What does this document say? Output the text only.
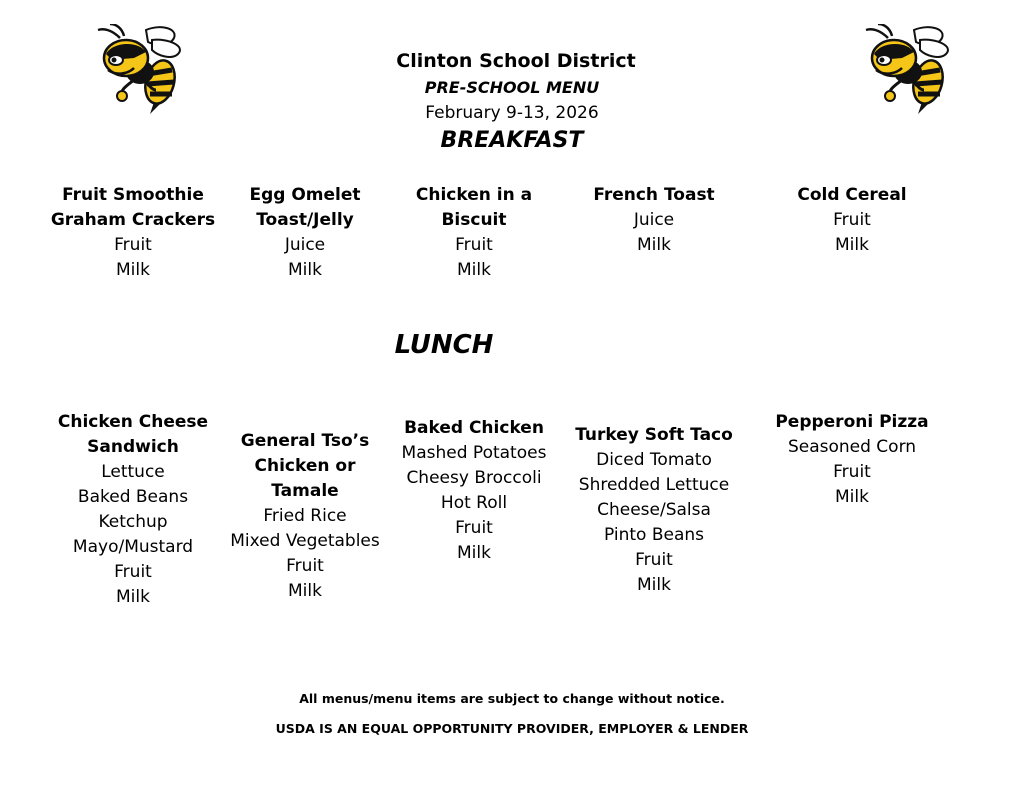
Clinton School District
PRE-SCHOOL MENU
February 9-13, 2026
BREAKFAST
Fruit Smoothie
Graham Crackers
Fruit
Milk
Egg Omelet
Toast/Jelly
Juice
Milk
Chicken in a
Biscuit
Fruit
Milk
French Toast
Juice
Milk
Cold Cereal
Fruit
Milk
LUNCH
Chicken Cheese
Sandwich
Lettuce
Baked Beans
Ketchup
Mayo/Mustard
Fruit
Milk
General Tso’s
Chicken or
Tamale
Fried Rice
Mixed Vegetables
Fruit
Milk
Baked Chicken
Mashed Potatoes
Cheesy Broccoli
Hot Roll
Fruit
Milk
Turkey Soft Taco
Diced Tomato
Shredded Lettuce
Cheese/Salsa
Pinto Beans
Fruit
Milk
Pepperoni Pizza
Seasoned Corn
Fruit
Milk
All menus/menu items are subject to change without notice.
USDA IS AN EQUAL OPPORTUNITY PROVIDER, EMPLOYER & LENDER
